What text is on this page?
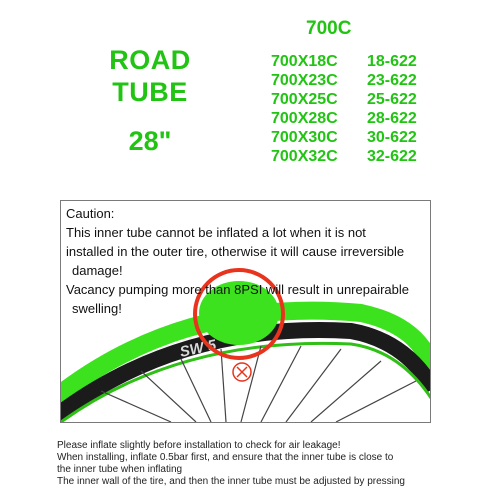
ROAD
TUBE
28"
700C
700X18C 18-622
700X23C 23-622
700X25C 25-622
700X28C 28-622
700X30C 30-622
700X32C 32-622
SW 5
Caution:
This inner tube cannot be inflated a lot when it is not
installed in the outer tire, otherwise it will cause irreversible
damage!
Vacancy pumping more than 8PSI will result in unrepairable
swelling!
Please inflate slightly before installation to check for air leakage!
When installing, inflate 0.5bar first, and ensure that the inner tube is close to
the inner tube when inflating
The inner wall of the tire, and then the inner tube must be adjusted by pressing
